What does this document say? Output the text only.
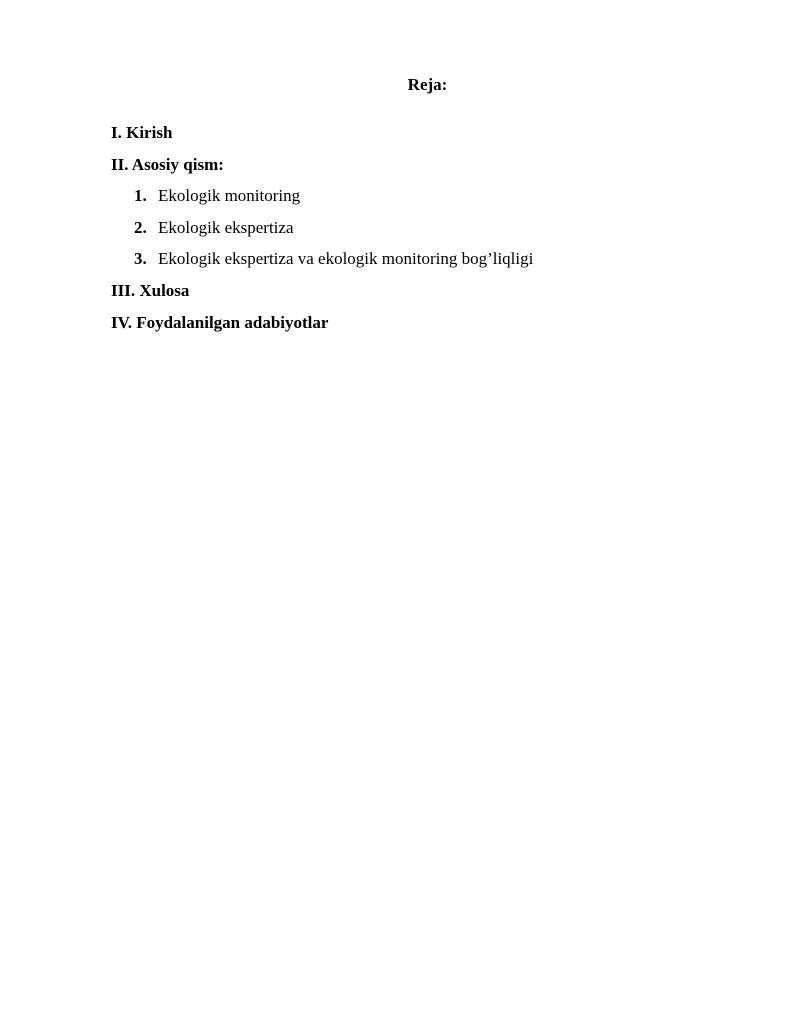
Reja:
I. Kirish
II. Asosiy qism:
1. Ekologik monitoring
2. Ekologik ekspertiza
3. Ekologik ekspertiza va ekologik monitoring bog’liqligi
III. Xulosa
IV. Foydalanilgan adabiyotlar
